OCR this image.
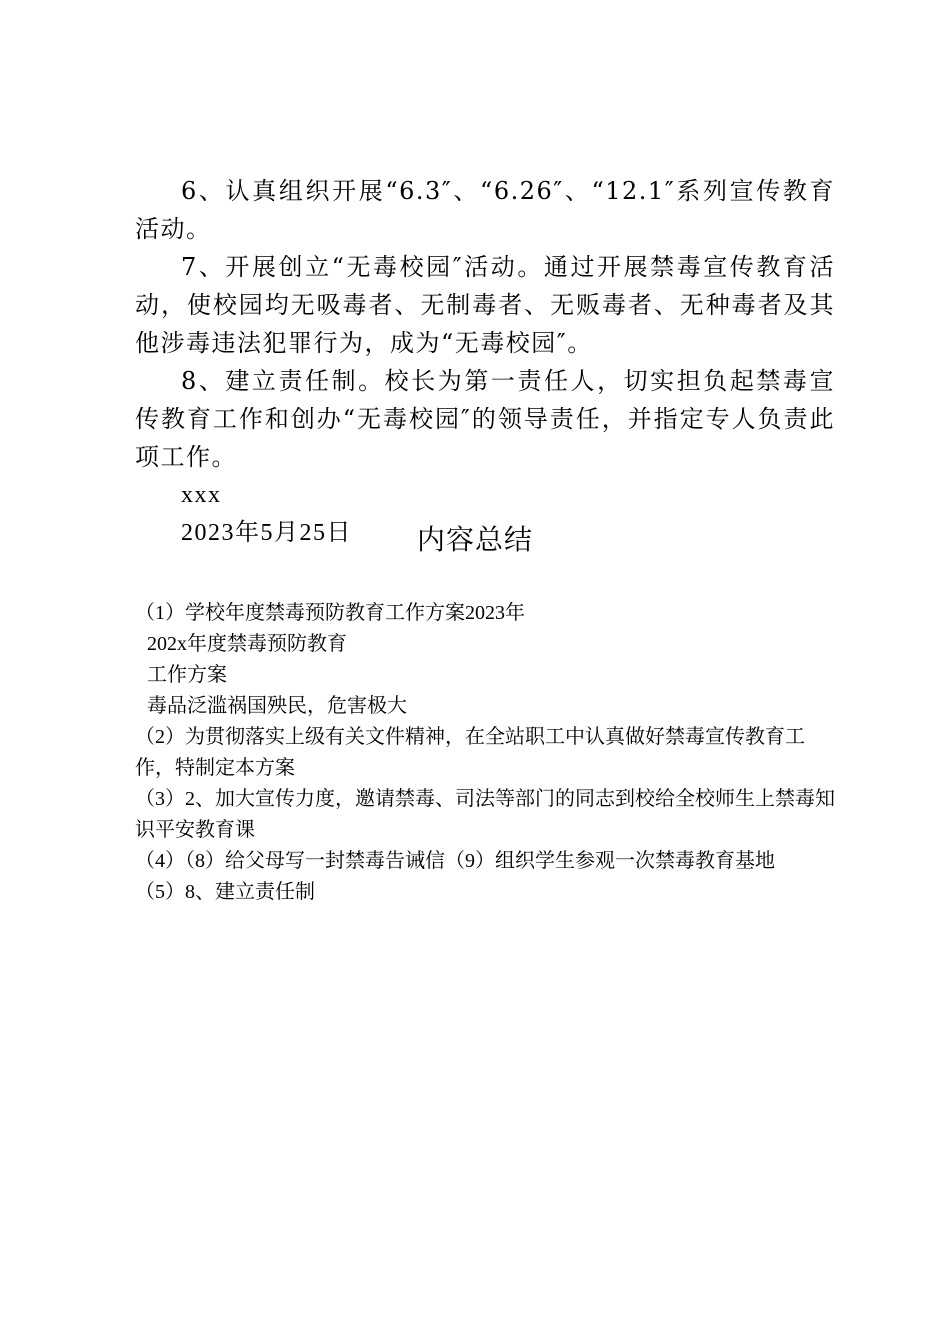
6、认真组织开展“6.3″、“6.26″、“12.1″系列宣传教育活动。

7、开展创立“无毒校园″活动。通过开展禁毒宣传教育活动，使校园均无吸毒者、无制毒者、无贩毒者、无种毒者及其他涉毒违法犯罪行为，成为“无毒校园″。

8、建立责任制。校长为第一责任人，切实担负起禁毒宣传教育工作和创办“无毒校园″的领导责任，并指定专人负责此项工作。

xxx

2023年5月25日	内容总结

（1）学校年度禁毒预防教育工作方案2023年

202x年度禁毒预防教育

工作方案

毒品泛滥祸国殃民，危害极大

（2）为贯彻落实上级有关文件精神，在全站职工中认真做好禁毒宣传教育工作，特制定本方案

（3）2、加大宣传力度，邀请禁毒、司法等部门的同志到校给全校师生上禁毒知识平安教育课

（4）（8）给父母写一封禁毒告诫信（9）组织学生参观一次禁毒教育基地

（5）8、建立责任制
